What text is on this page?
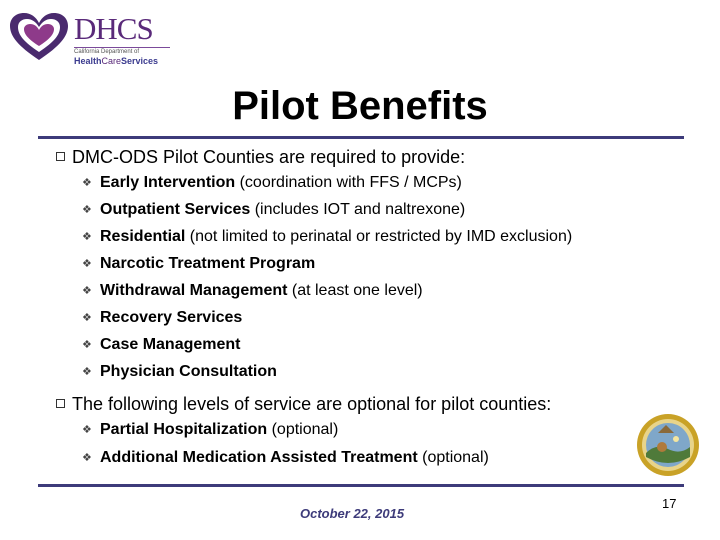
DHCS
California Department of
HealthCareServices
Pilot Benefits
DMC-ODS Pilot Counties are required to provide:
❖ Early Intervention (coordination with FFS / MCPs)
❖ Outpatient Services (includes IOT and naltrexone)
❖ Residential (not limited to perinatal or restricted by IMD exclusion)
❖ Narcotic Treatment Program
❖ Withdrawal Management (at least one level)
❖ Recovery Services
❖ Case Management
❖ Physician Consultation
The following levels of service are optional for pilot counties:
❖ Partial Hospitalization (optional)
❖ Additional Medication Assisted Treatment (optional)
October 22, 2015
17
